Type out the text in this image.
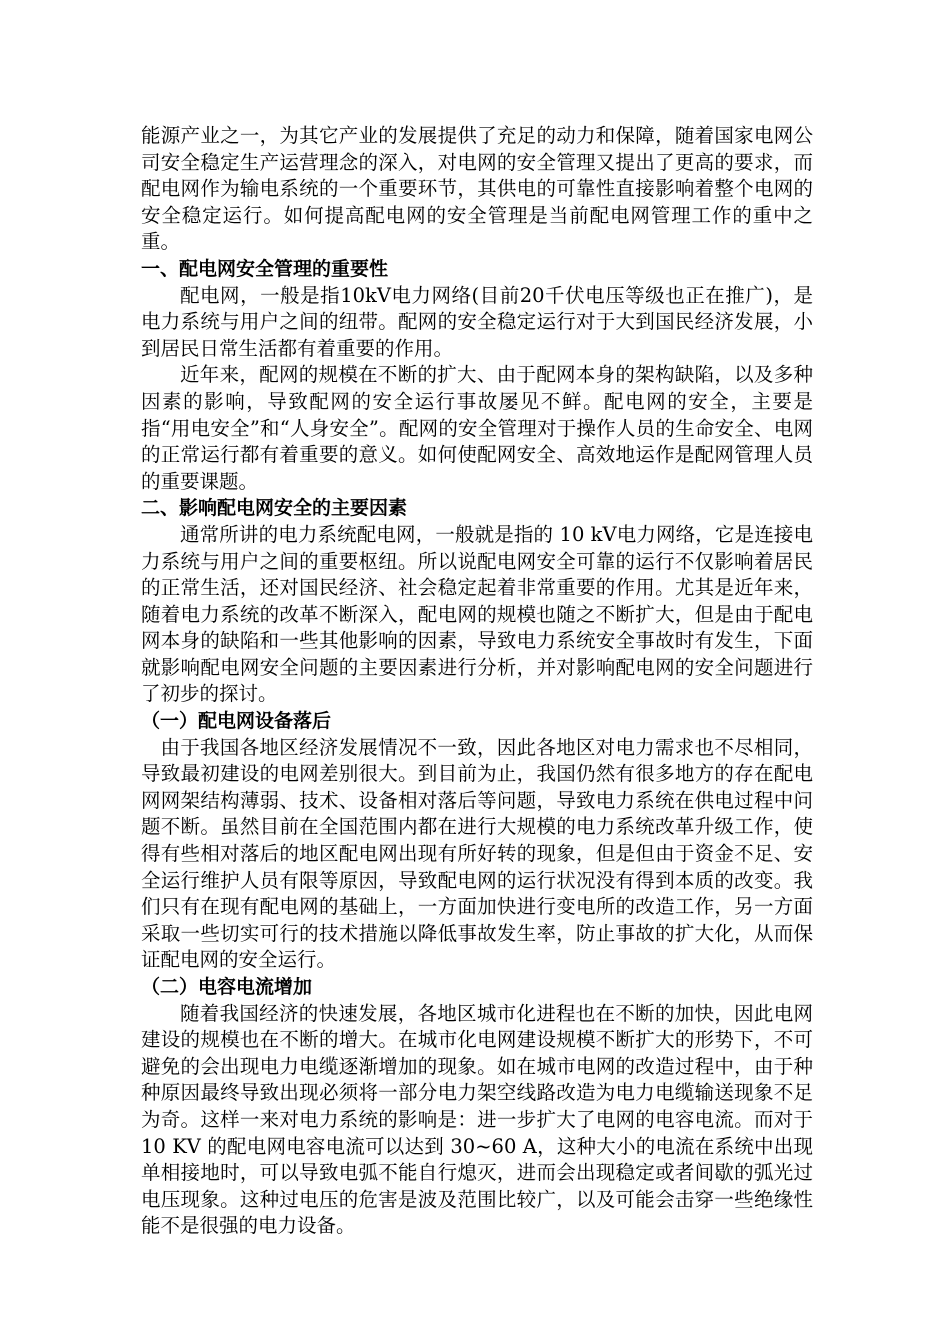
能源产业之一，为其它产业的发展提供了充足的动力和保障，随着国家电网公司安全稳定生产运营理念的深入，对电网的安全管理又提出了更高的要求，而配电网作为输电系统的一个重要环节，其供电的可靠性直接影响着整个电网的安全稳定运行。如何提高配电网的安全管理是当前配电网管理工作的重中之重。

一、配电网安全管理的重要性

配电网，一般是指10kV电力网络(目前20千伏电压等级也正在推广)，是电力系统与用户之间的纽带。配网的安全稳定运行对于大到国民经济发展，小到居民日常生活都有着重要的作用。

近年来，配网的规模在不断的扩大、由于配网本身的架构缺陷，以及多种因素的影响，导致配网的安全运行事故屡见不鲜。配电网的安全，主要是指“用电安全”和“人身安全”。配网的安全管理对于操作人员的生命安全、电网的正常运行都有着重要的意义。如何使配网安全、高效地运作是配网管理人员的重要课题。

二、影响配电网安全的主要因素

通常所讲的电力系统配电网，一般就是指的 10 kV电力网络，它是连接电力系统与用户之间的重要枢纽。所以说配电网安全可靠的运行不仅影响着居民的正常生活，还对国民经济、社会稳定起着非常重要的作用。尤其是近年来，随着电力系统的改革不断深入，配电网的规模也随之不断扩大，但是由于配电网本身的缺陷和一些其他影响的因素，导致电力系统安全事故时有发生，下面就影响配电网安全问题的主要因素进行分析，并对影响配电网的安全问题进行了初步的探讨。

（一）配电网设备落后

由于我国各地区经济发展情况不一致，因此各地区对电力需求也不尽相同，导致最初建设的电网差别很大。到目前为止，我国仍然有很多地方的存在配电网网架结构薄弱、技术、设备相对落后等问题，导致电力系统在供电过程中问题不断。虽然目前在全国范围内都在进行大规模的电力系统改革升级工作，使得有些相对落后的地区配电网出现有所好转的现象，但是但由于资金不足、安全运行维护人员有限等原因，导致配电网的运行状况没有得到本质的改变。我们只有在现有配电网的基础上，一方面加快进行变电所的改造工作，另一方面采取一些切实可行的技术措施以降低事故发生率，防止事故的扩大化，从而保证配电网的安全运行。

（二）电容电流增加

随着我国经济的快速发展，各地区城市化进程也在不断的加快，因此电网建设的规模也在不断的增大。在城市化电网建设规模不断扩大的形势下，不可避免的会出现电力电缆逐渐增加的现象。如在城市电网的改造过程中，由于种种原因最终导致出现必须将一部分电力架空线路改造为电力电缆输送现象不足为奇。这样一来对电力系统的影响是：进一步扩大了电网的电容电流。而对于10 KV 的配电网电容电流可以达到 30~60 A，这种大小的电流在系统中出现单相接地时，可以导致电弧不能自行熄灭，进而会出现稳定或者间歇的弧光过电压现象。这种过电压的危害是波及范围比较广，以及可能会击穿一些绝缘性能不是很强的电力设备。
